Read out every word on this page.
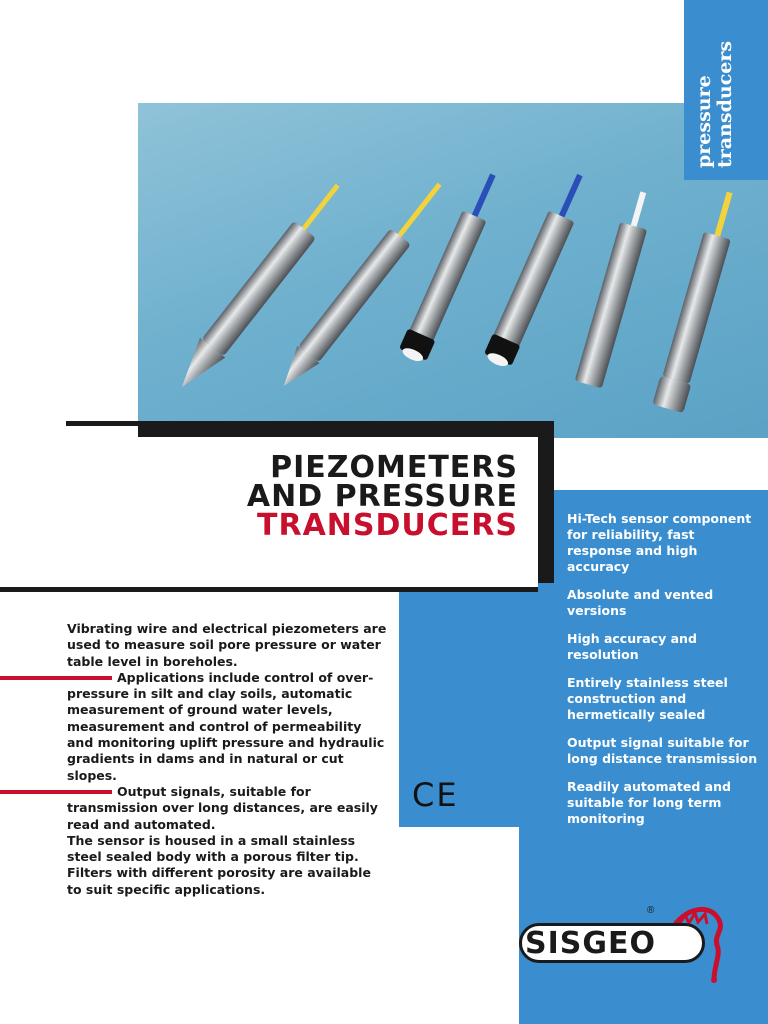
pressure transducers
PIEZOMETERS
AND PRESSURE
TRANSDUCERS	Hi-Tech sensor component for reliability, fast response and high accuracy
Absolute and vented versions
High accuracy and resolution
Entirely stainless steel construction and hermetically sealed
Output signal suitable for long distance transmission
Readily automated and suitable for long term monitoring
CE
Vibrating wire and electrical piezometers are used to measure soil pore pressure or water table level in boreholes.
Applications include control of over-pressure in silt and clay soils, automatic measurement of ground water levels, measurement and control of permeability and monitoring uplift pressure and hydraulic gradients in dams and in natural or cut slopes.
Output signals, suitable for transmission over long distances, are easily read and automated.
The sensor is housed in a small stainless steel sealed body with a porous filter tip. Filters with different porosity are available to suit specific applications.
SISGEO
®
